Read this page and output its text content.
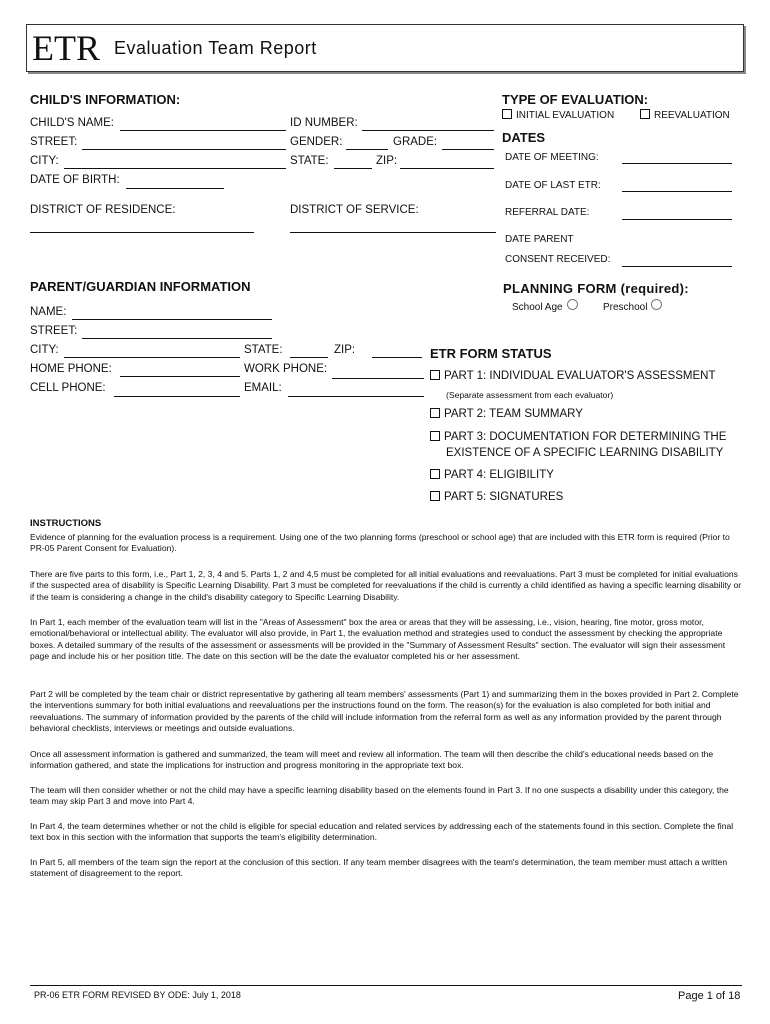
ETR Evaluation Team Report
CHILD'S INFORMATION:
CHILD'S NAME:	ID NUMBER:
STREET:	GENDER:	GRADE:
CITY:	STATE:	ZIP:
DATE OF BIRTH:
DISTRICT OF RESIDENCE:	DISTRICT OF SERVICE:
TYPE OF EVALUATION:
INITIAL EVALUATION	REEVALUATION
DATES
DATE OF MEETING:
DATE OF LAST ETR:
REFERRAL DATE:
DATE PARENT
CONSENT RECEIVED:
PARENT/GUARDIAN INFORMATION
NAME:
STREET:
CITY:	STATE:	ZIP:
HOME PHONE:	WORK PHONE:
CELL PHONE:	EMAIL:
PLANNING FORM (required):
School Age	Preschool
ETR FORM STATUS
PART 1: INDIVIDUAL EVALUATOR'S ASSESSMENT
(Separate assessment from each evaluator)
PART 2: TEAM SUMMARY
PART 3: DOCUMENTATION FOR DETERMINING THE
EXISTENCE OF A SPECIFIC LEARNING DISABILITY
PART 4: ELIGIBILITY
PART 5: SIGNATURES
INSTRUCTIONS
Evidence of planning for the evaluation process is a requirement. Using one of the two planning forms (preschool or school age) that are included with this ETR form is required (Prior to PR-05 Parent Consent for Evaluation).
There are five parts to this form, i.e., Part 1, 2, 3, 4 and 5. Parts 1, 2 and 4,5 must be completed for all initial evaluations and reevaluations. Part 3 must be completed for initial evaluations if the suspected area of disability is Specific Learning Disability. Part 3 must be completed for reevaluations if the child is currently a child identified as having a specific learning disability or if the team is considering a change in the child's disability category to Specific Learning Disability.
In Part 1, each member of the evaluation team will list in the "Areas of Assessment" box the area or areas that they will be assessing, i.e., vision, hearing, fine motor, gross motor, emotional/behavioral or intellectual ability. The evaluator will also provide, in Part 1, the evaluation method and strategies used to conduct the assessment by checking the appropriate boxes. A detailed summary of the results of the assessment or assessments will be provided in the "Summary of Assessment Results" section. The evaluator will sign their assessment page and include his or her position title. The date on this section will be the date the evaluator completed his or her assessment.
Part 2 will be completed by the team chair or district representative by gathering all team members' assessments (Part 1) and summarizing them in the boxes provided in Part 2. Complete the interventions summary for both initial evaluations and reevaluations per the instructions found on the form. The reason(s) for the evaluation is also completed for both initial and reevaluations. The summary of information provided by the parents of the child will include information from the referral form as well as any information provided by the parent through behavioral checklists, interviews or meetings and outside evaluations.
Once all assessment information is gathered and summarized, the team will meet and review all information. The team will then describe the child's educational needs based on the information gathered, and state the implications for instruction and progress monitoring in the appropriate text box.
The team will then consider whether or not the child may have a specific learning disability based on the elements found in Part 3. If no one suspects a disability under this category, the team may skip Part 3 and move into Part 4.
In Part 4, the team determines whether or not the child is eligible for special education and related services by addressing each of the statements found in this section. Complete the final text box in this section with the information that supports the team's eligibility determination.
In Part 5, all members of the team sign the report at the conclusion of this section. If any team member disagrees with the team's determination, the team member must attach a written statement of disagreement to the report.
PR-06 ETR FORM REVISED BY ODE: July 1, 2018	Page 1 of 18
